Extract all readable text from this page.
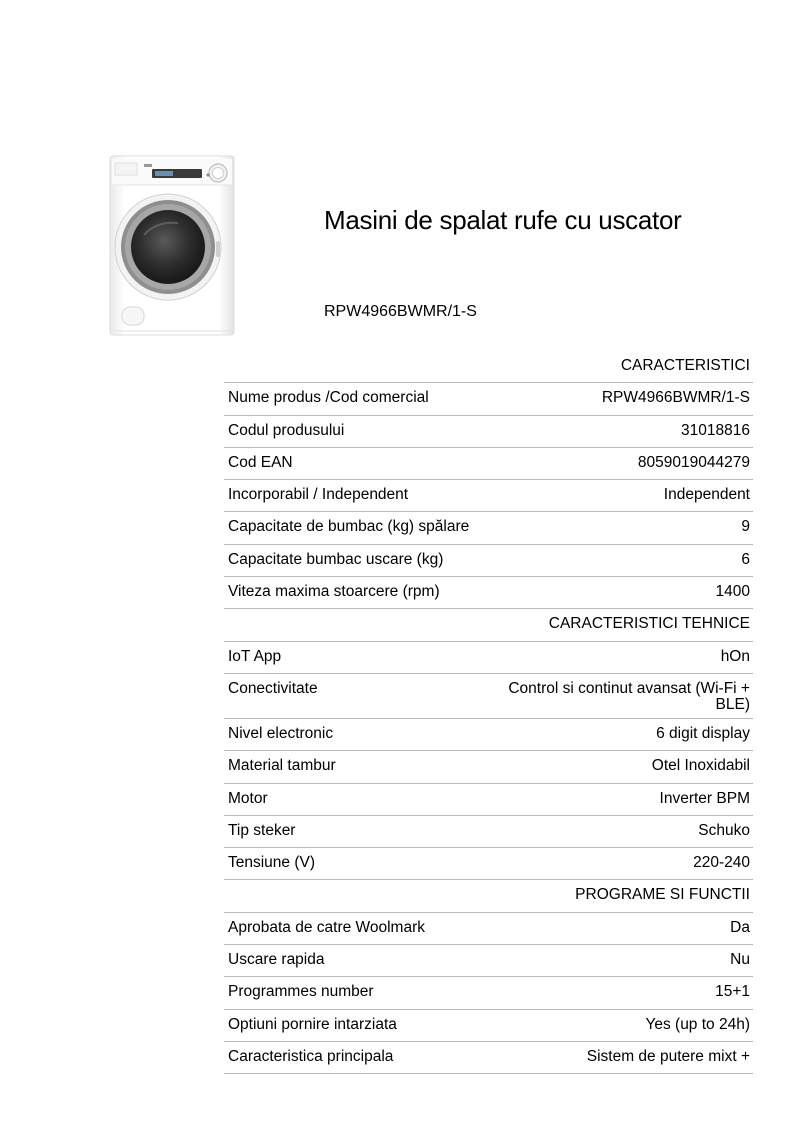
Masini de spalat rufe cu uscator
RPW4966BWMR/1-S
CARACTERISTICI
Nume produs /Cod comercial	RPW4966BWMR/1-S
Codul produsului	31018816
Cod EAN	8059019044279
Incorporabil / Independent	Independent
Capacitate de bumbac (kg) spălare	9
Capacitate bumbac uscare (kg)	6
Viteza maxima stoarcere (rpm)	1400
CARACTERISTICI TEHNICE
IoT App	hOn
Conectivitate	Control si continut avansat (Wi-Fi + BLE)
Nivel electronic	6 digit display
Material tambur	Otel Inoxidabil
Motor	Inverter BPM
Tip steker	Schuko
Tensiune (V)	220-240
PROGRAME SI FUNCTII
Aprobata de catre Woolmark	Da
Uscare rapida	Nu
Programmes number	15+1
Optiuni pornire intarziata	Yes (up to 24h)
Caracteristica principala	Sistem de putere mixt +
